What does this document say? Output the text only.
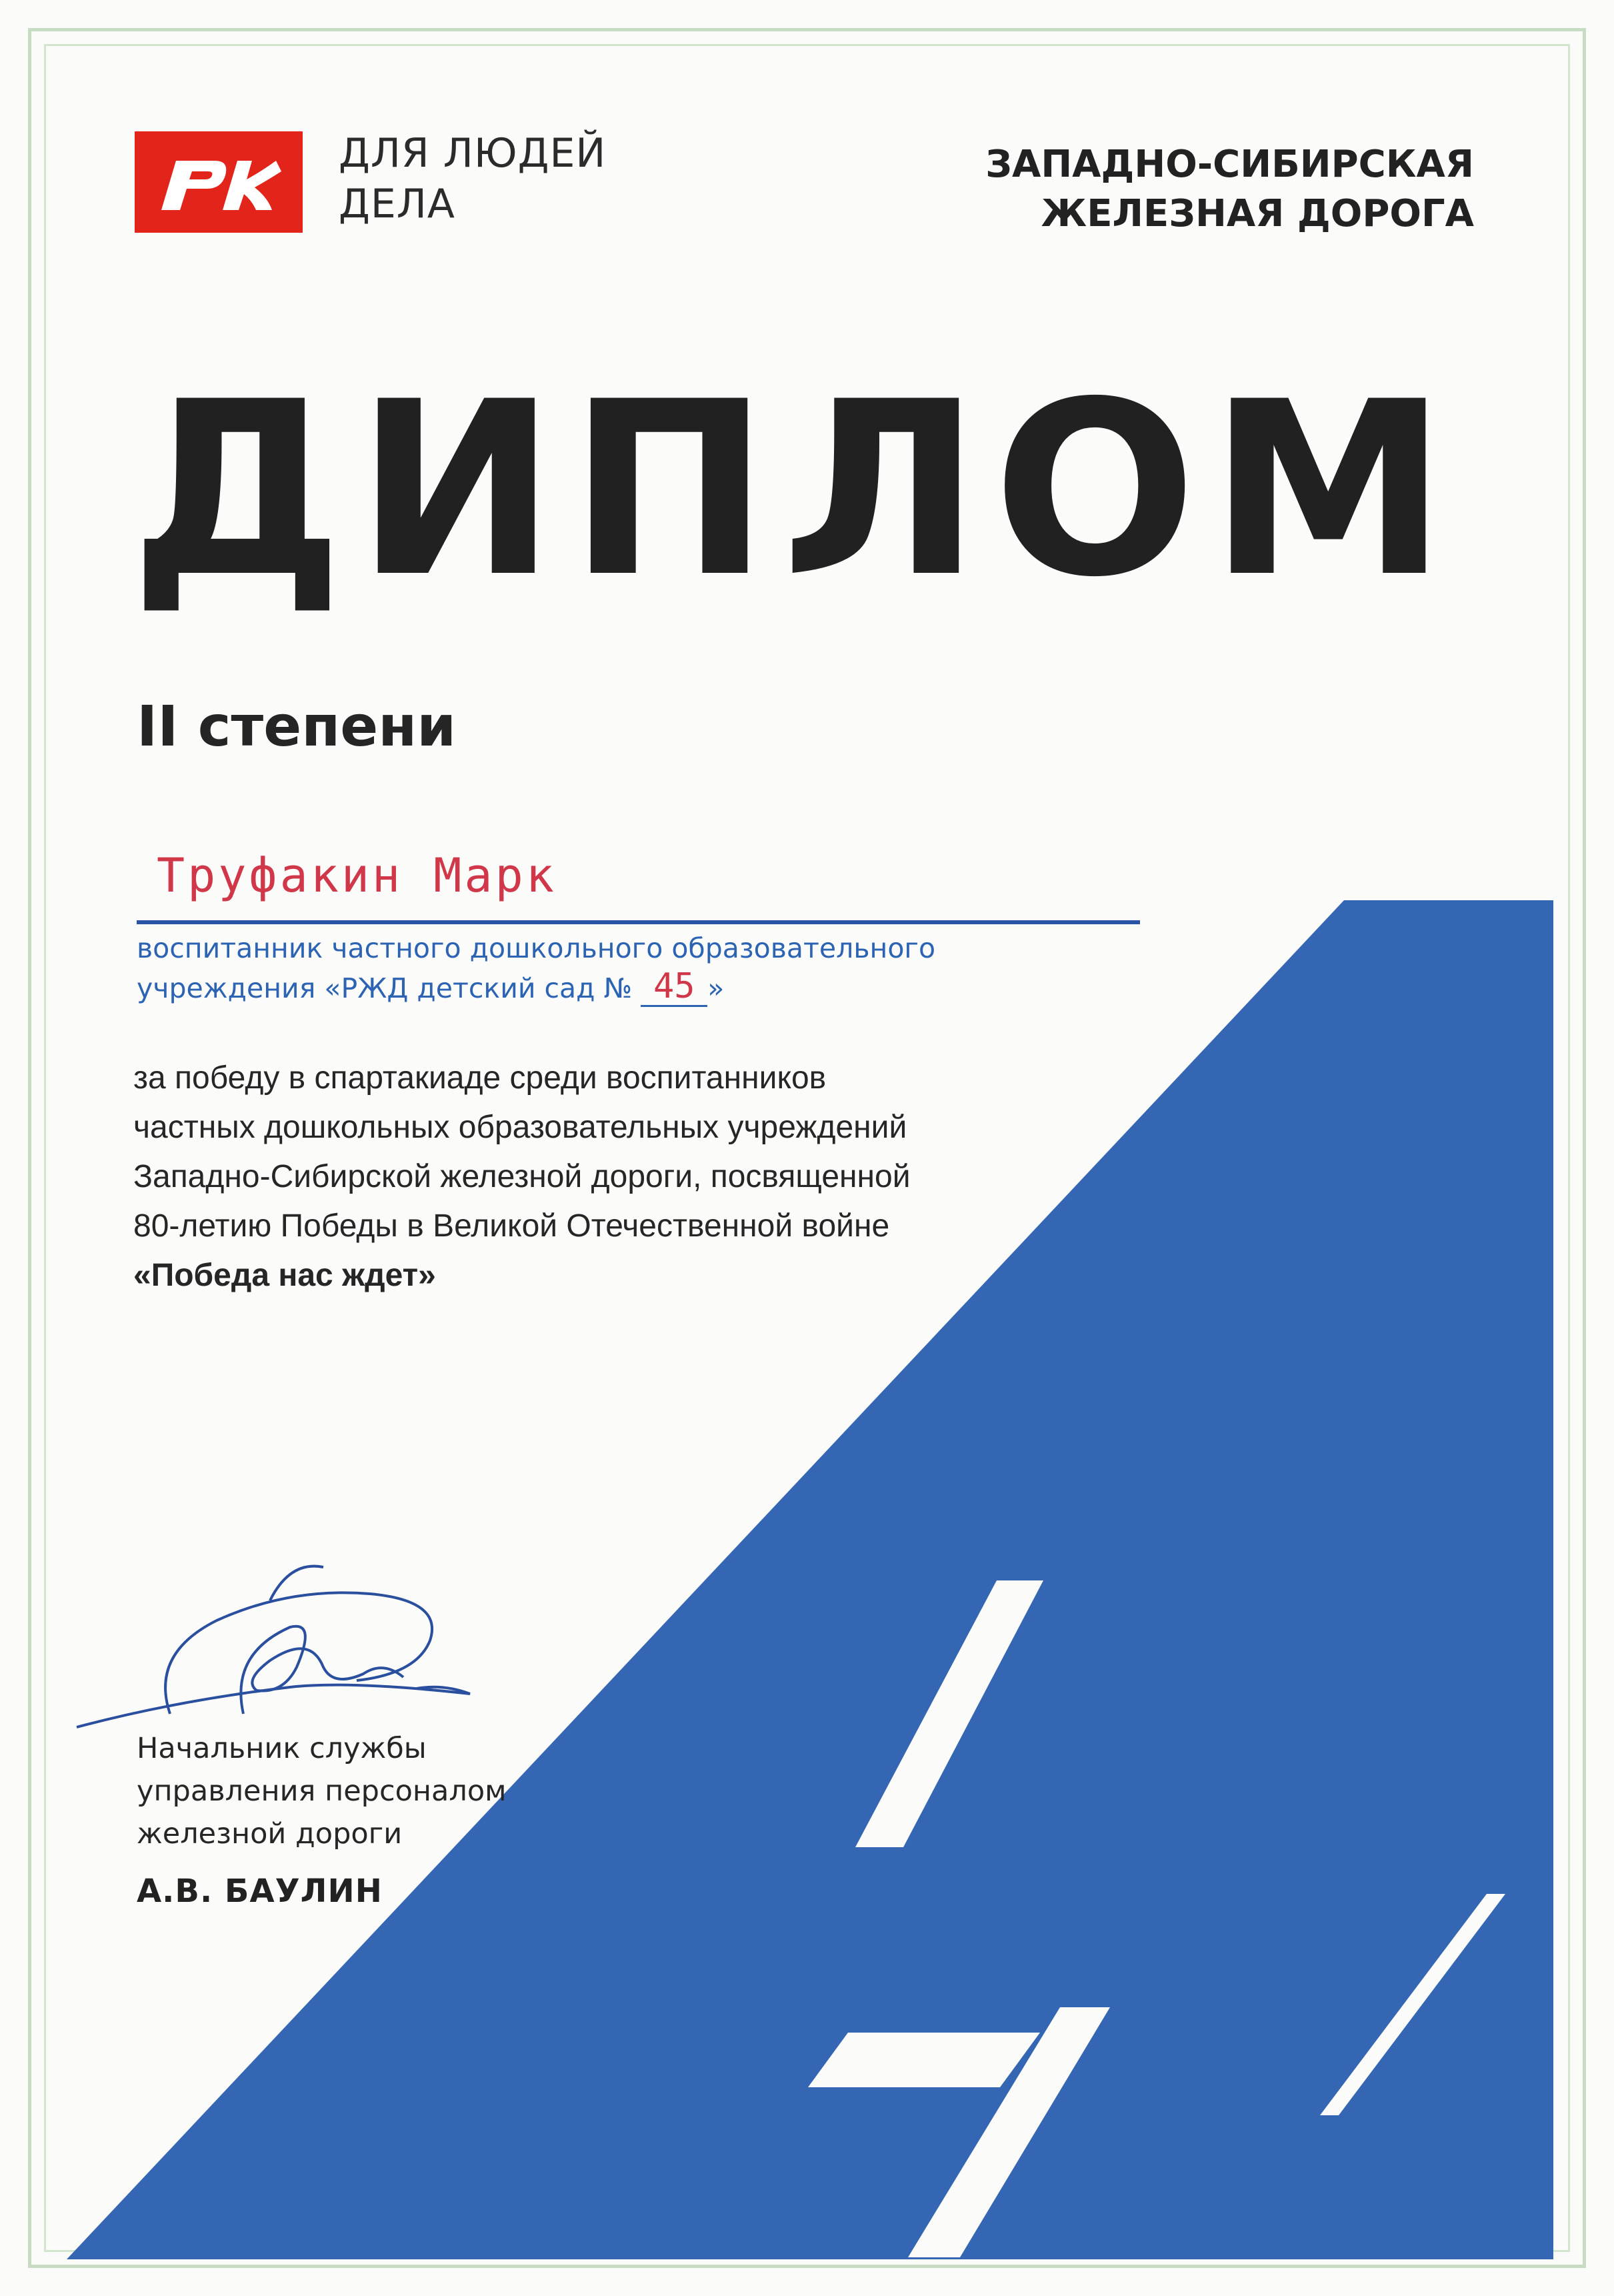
ДЛЯ ЛЮДЕЙ
ДЕЛА
ЗАПАДНО-СИБИРСКАЯ
ЖЕЛЕЗНАЯ ДОРОГА
ДИПЛОМ
II степени
Труфакин Марк
воспитанник частного дошкольного образовательного
учреждения «РЖД детский сад № 45 »
за победу в спартакиаде среди воспитанников
частных дошкольных образовательных учреждений
Западно-Сибирской железной дороги, посвященной
80-летию Победы в Великой Отечественной войне
«Победа нас ждет»
Начальник службы
управления персоналом
железной дороги
А.В. БАУЛИН
